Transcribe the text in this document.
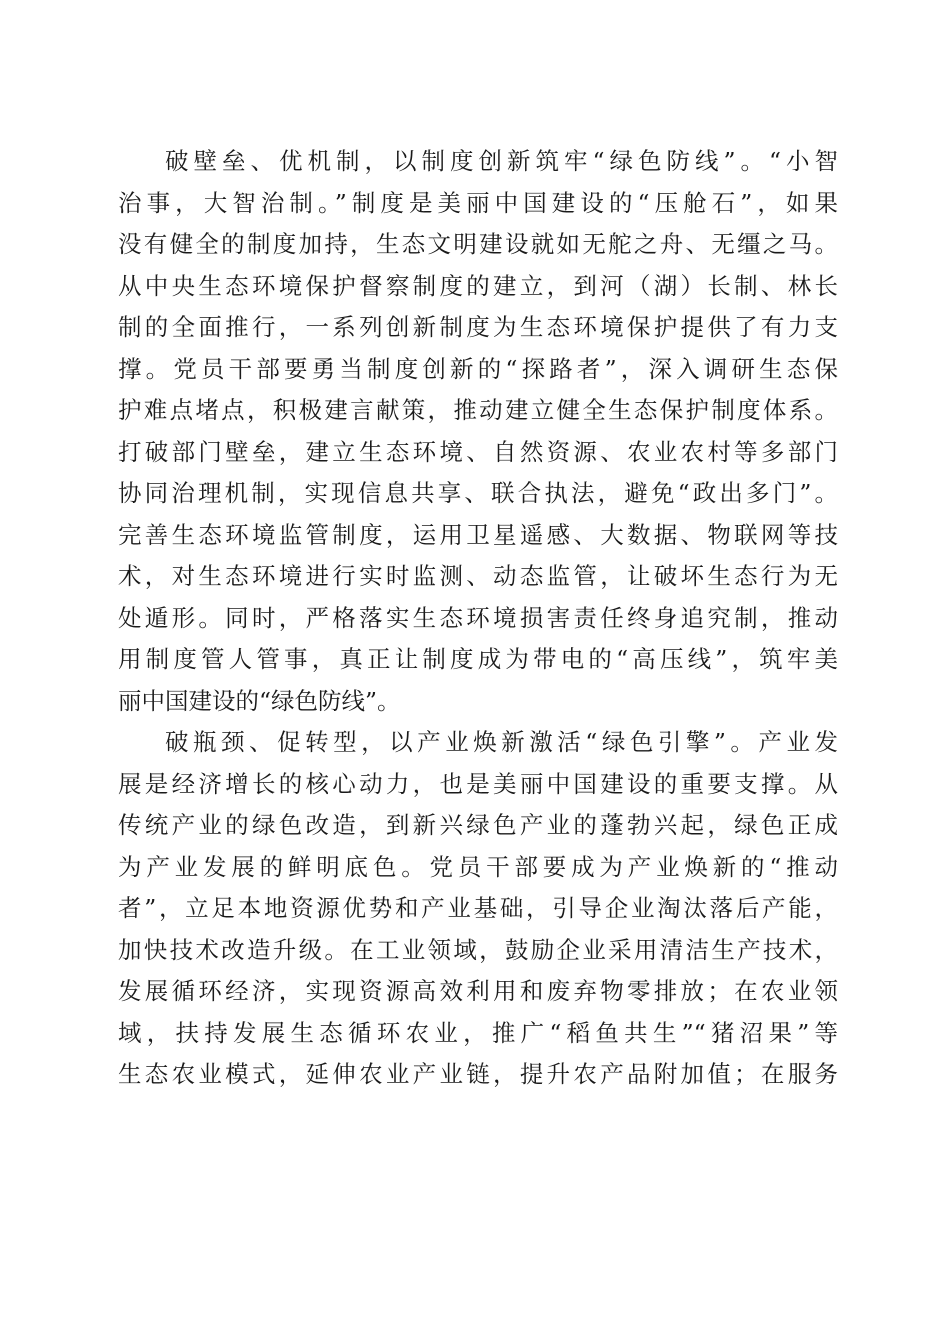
破壁垒、优机制，以制度创新筑牢“绿色防线”。“小智
治事，大智治制。”制度是美丽中国建设的“压舱石”，如果
没有健全的制度加持，生态文明建设就如无舵之舟、无缰之马。
从中央生态环境保护督察制度的建立，到河（湖）长制、林长
制的全面推行，一系列创新制度为生态环境保护提供了有力支
撑。党员干部要勇当制度创新的“探路者”，深入调研生态保
护难点堵点，积极建言献策，推动建立健全生态保护制度体系。
打破部门壁垒，建立生态环境、自然资源、农业农村等多部门
协同治理机制，实现信息共享、联合执法，避免“政出多门”。
完善生态环境监管制度，运用卫星遥感、大数据、物联网等技
术，对生态环境进行实时监测、动态监管，让破坏生态行为无
处遁形。同时，严格落实生态环境损害责任终身追究制，推动
用制度管人管事，真正让制度成为带电的“高压线”，筑牢美
丽中国建设的“绿色防线”。
破瓶颈、促转型，以产业焕新激活“绿色引擎”。产业发
展是经济增长的核心动力，也是美丽中国建设的重要支撑。从
传统产业的绿色改造，到新兴绿色产业的蓬勃兴起，绿色正成
为产业发展的鲜明底色。党员干部要成为产业焕新的“推动
者”，立足本地资源优势和产业基础，引导企业淘汰落后产能，
加快技术改造升级。在工业领域，鼓励企业采用清洁生产技术，
发展循环经济，实现资源高效利用和废弃物零排放；在农业领
域，扶持发展生态循环农业，推广“稻鱼共生”“猪沼果”等
生态农业模式，延伸农业产业链，提升农产品附加值；在服务
